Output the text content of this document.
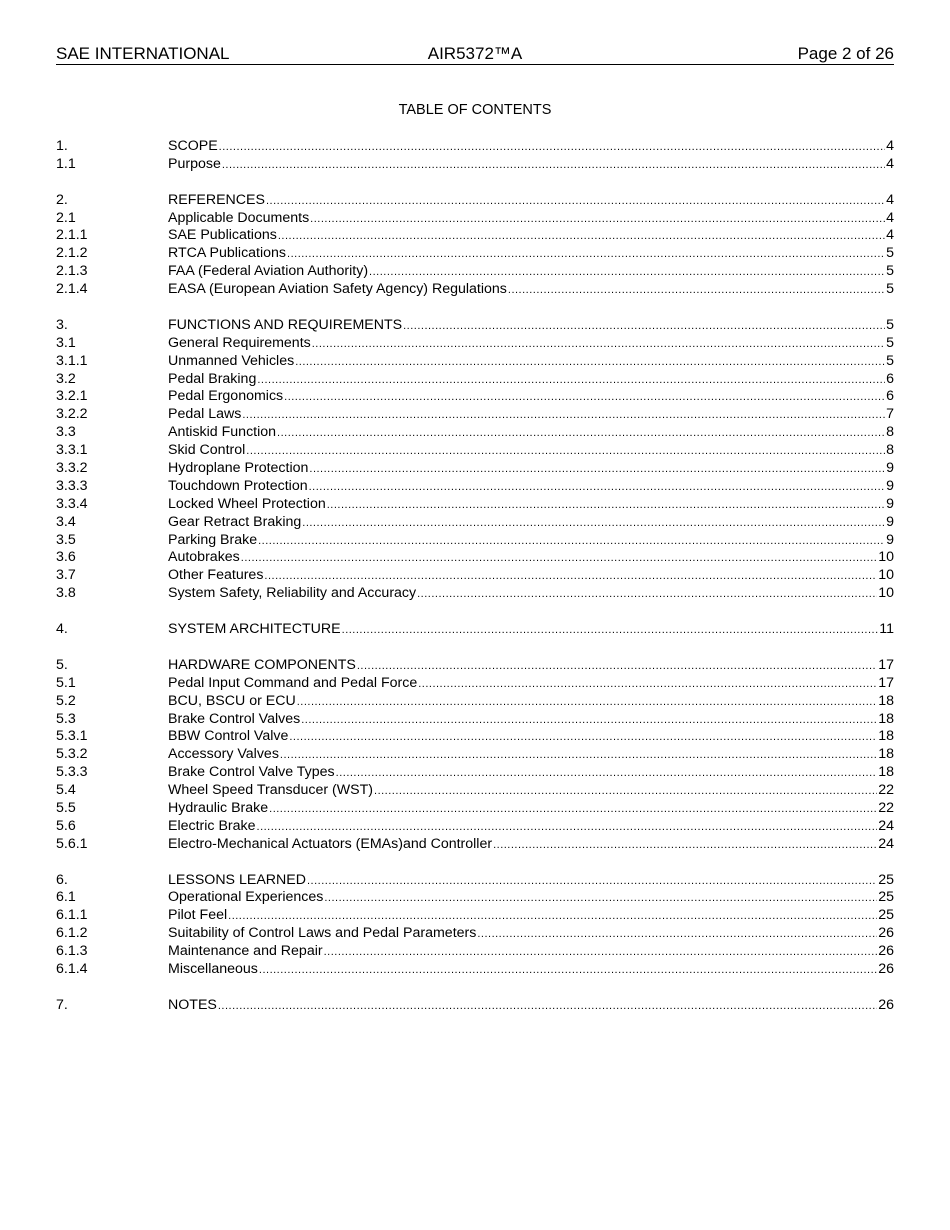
SAE INTERNATIONAL	AIR5372™A	Page 2 of 26
TABLE OF CONTENTS
1.	SCOPE .....	4
1.1	Purpose .....	4
2.	REFERENCES .....	4
2.1	Applicable Documents .....	4
2.1.1	SAE Publications .....	4
2.1.2	RTCA Publications .....	5
2.1.3	FAA (Federal Aviation Authority) .....	5
2.1.4	EASA (European Aviation Safety Agency) Regulations .....	5
3.	FUNCTIONS AND REQUIREMENTS .....	5
3.1	General Requirements .....	5
3.1.1	Unmanned Vehicles .....	5
3.2	Pedal Braking .....	6
3.2.1	Pedal Ergonomics .....	6
3.2.2	Pedal Laws .....	7
3.3	Antiskid Function .....	8
3.3.1	Skid Control .....	8
3.3.2	Hydroplane Protection .....	9
3.3.3	Touchdown Protection .....	9
3.3.4	Locked Wheel Protection .....	9
3.4	Gear Retract Braking .....	9
3.5	Parking Brake .....	9
3.6	Autobrakes .....	10
3.7	Other Features .....	10
3.8	System Safety, Reliability and Accuracy .....	10
4.	SYSTEM ARCHITECTURE .....	11
5.	HARDWARE COMPONENTS .....	17
5.1	Pedal Input Command and Pedal Force .....	17
5.2	BCU, BSCU or ECU .....	18
5.3	Brake Control Valves .....	18
5.3.1	BBW Control Valve .....	18
5.3.2	Accessory Valves .....	18
5.3.3	Brake Control Valve Types .....	18
5.4	Wheel Speed Transducer (WST) .....	22
5.5	Hydraulic Brake .....	22
5.6	Electric Brake .....	24
5.6.1	Electro-Mechanical Actuators (EMAs)and Controller .....	24
6.	LESSONS LEARNED .....	25
6.1	Operational Experiences .....	25
6.1.1	Pilot Feel .....	25
6.1.2	Suitability of Control Laws and Pedal Parameters .....	26
6.1.3	Maintenance and Repair .....	26
6.1.4	Miscellaneous .....	26
7.	NOTES .....	26
